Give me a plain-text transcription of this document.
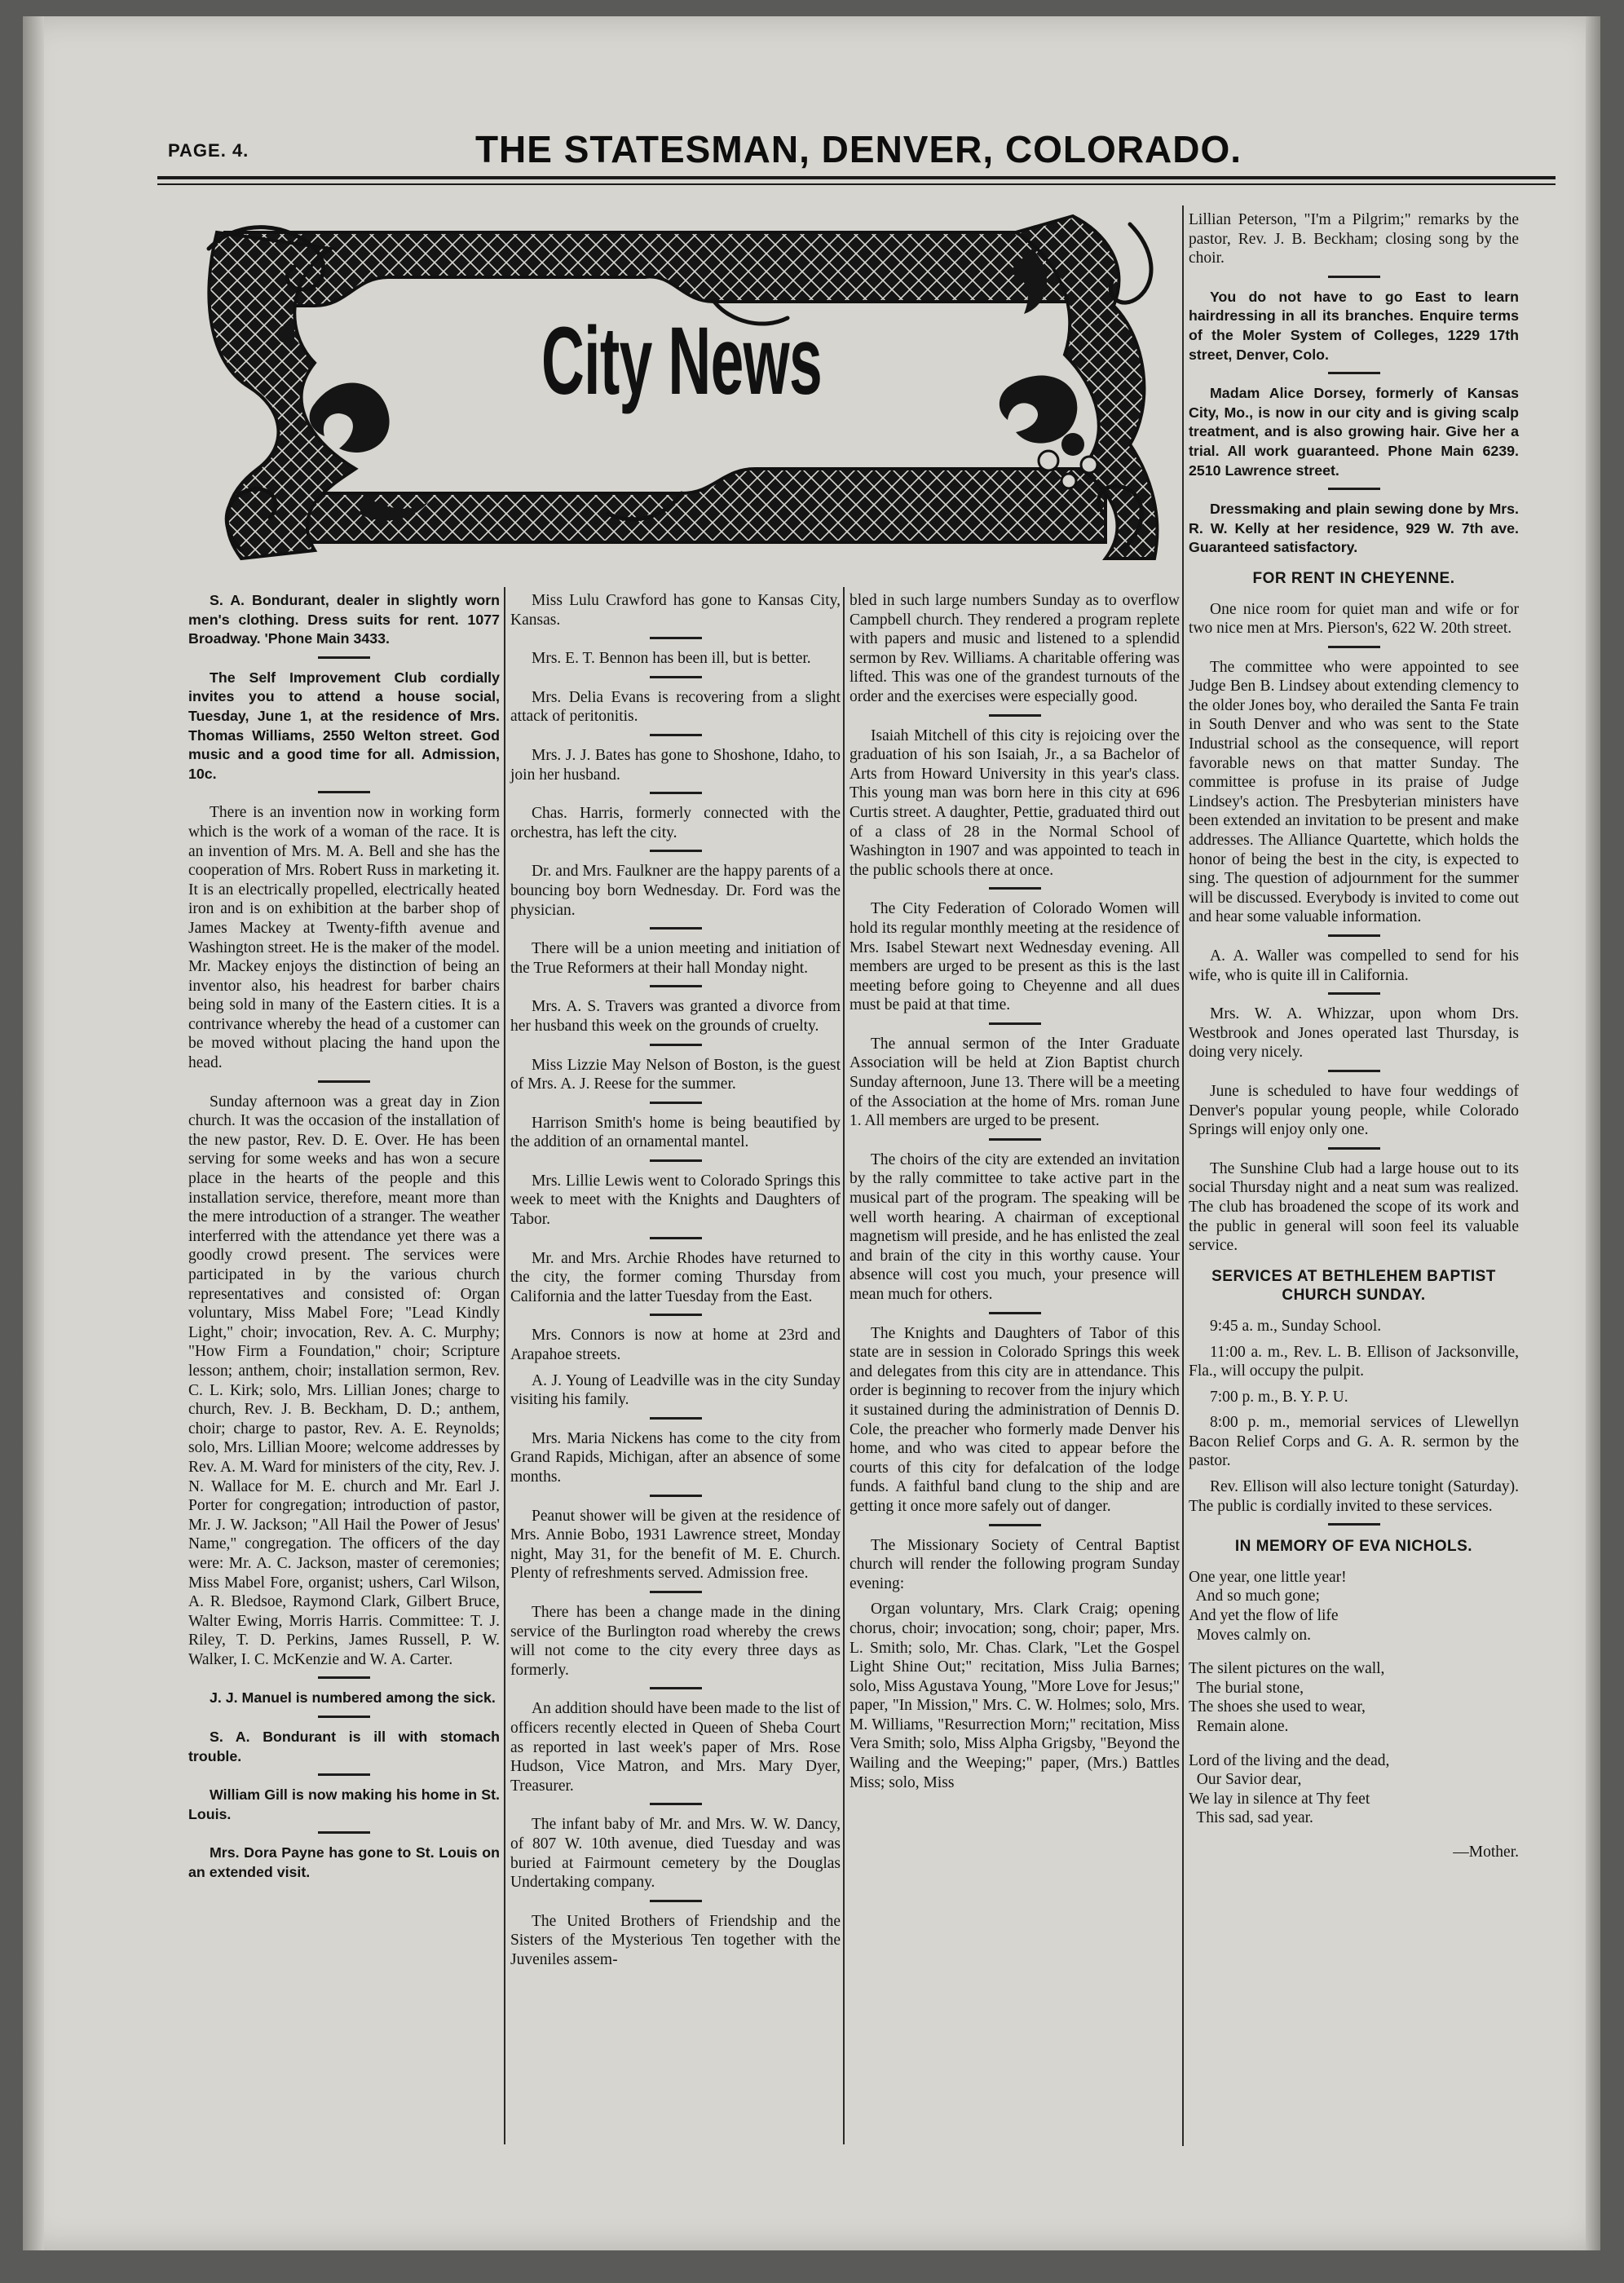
PAGE. 4.	THE STATESMAN, DENVER, COLORADO.
City News

S. A. Bondurant, dealer in slightly worn men's clothing. Dress suits for rent. 1077 Broadway. 'Phone Main 3433.

The Self Improvement Club cordially invites you to attend a house social, Tuesday, June 1, at the residence of Mrs. Thomas Williams, 2550 Welton street. God music and a good time for all. Admission, 10c.

There is an invention now in working form which is the work of a woman of the race. It is an invention of Mrs. M. A. Bell and she has the cooperation of Mrs. Robert Russ in marketing it. It is an electrically propelled, electrically heated iron and is on exhibition at the barber shop of James Mackey at Twenty-fifth avenue and Washington street. He is the maker of the model. Mr. Mackey enjoys the distinction of being an inventor also, his headrest for barber chairs being sold in many of the Eastern cities. It is a contrivance whereby the head of a customer can be moved without placing the hand upon the head.

Sunday afternoon was a great day in Zion church. It was the occasion of the installation of the new pastor, Rev. D. E. Over. He has been serving for some weeks and has won a secure place in the hearts of the people and this installation service, therefore, meant more than the mere introduction of a stranger. The weather interferred with the attendance yet there was a goodly crowd present. The services were participated in by the various church representatives and consisted of: Organ voluntary, Miss Mabel Fore; "Lead Kindly Light," choir; invocation, Rev. A. C. Murphy; "How Firm a Foundation," choir; Scripture lesson; anthem, choir; installation sermon, Rev. C. L. Kirk; solo, Mrs. Lillian Jones; charge to church, Rev. J. B. Beckham, D. D.; anthem, choir; charge to pastor, Rev. A. E. Reynolds; solo, Mrs. Lillian Moore; welcome addresses by Rev. A. M. Ward for ministers of the city, Rev. J. N. Wallace for M. E. church and Mr. Earl J. Porter for congregation; introduction of pastor, Mr. J. W. Jackson; "All Hail the Power of Jesus' Name," congregation. The officers of the day were: Mr. A. C. Jackson, master of ceremonies; Miss Mabel Fore, organist; ushers, Carl Wilson, A. R. Bledsoe, Raymond Clark, Gilbert Bruce, Walter Ewing, Morris Harris. Committee: T. J. Riley, T. D. Perkins, James Russell, P. W. Walker, I. C. McKenzie and W. A. Carter.

J. J. Manuel is numbered among the sick.

S. A. Bondurant is ill with stomach trouble.

William Gill is now making his home in St. Louis.

Mrs. Dora Payne has gone to St. Louis on an extended visit.

Miss Lulu Crawford has gone to Kansas City, Kansas.

Mrs. E. T. Bennon has been ill, but is better.

Mrs. Delia Evans is recovering from a slight attack of peritonitis.

Mrs. J. J. Bates has gone to Shoshone, Idaho, to join her husband.

Chas. Harris, formerly connected with the orchestra, has left the city.

Dr. and Mrs. Faulkner are the happy parents of a bouncing boy born Wednesday. Dr. Ford was the physician.

There will be a union meeting and initiation of the True Reformers at their hall Monday night.

Mrs. A. S. Travers was granted a divorce from her husband this week on the grounds of cruelty.

Miss Lizzie May Nelson of Boston, is the guest of Mrs. A. J. Reese for the summer.

Harrison Smith's home is being beautified by the addition of an ornamental mantel.

Mrs. Lillie Lewis went to Colorado Springs this week to meet with the Knights and Daughters of Tabor.

Mr. and Mrs. Archie Rhodes have returned to the city, the former coming Thursday from California and the latter Tuesday from the East.

Mrs. Connors is now at home at 23rd and Arapahoe streets.

A. J. Young of Leadville was in the city Sunday visiting his family.

Mrs. Maria Nickens has come to the city from Grand Rapids, Michigan, after an absence of some months.

Peanut shower will be given at the residence of Mrs. Annie Bobo, 1931 Lawrence street, Monday night, May 31, for the benefit of M. E. Church. Plenty of refreshments served. Admission free.

There has been a change made in the dining service of the Burlington road whereby the crews will not come to the city every three days as formerly.

An addition should have been made to the list of officers recently elected in Queen of Sheba Court as reported in last week's paper of Mrs. Rose Hudson, Vice Matron, and Mrs. Mary Dyer, Treasurer.

The infant baby of Mr. and Mrs. W. W. Dancy, of 807 W. 10th avenue, died Tuesday and was buried at Fairmount cemetery by the Douglas Undertaking company.

The United Brothers of Friendship and the Sisters of the Mysterious Ten together with the Juveniles assem-

bled in such large numbers Sunday as to overflow Campbell church. They rendered a program replete with papers and music and listened to a splendid sermon by Rev. Williams. A charitable offering was lifted. This was one of the grandest turnouts of the order and the exercises were especially good.

Isaiah Mitchell of this city is rejoicing over the graduation of his son Isaiah, Jr., a sa Bachelor of Arts from Howard University in this year's class. This young man was born here in this city at 696 Curtis street. A daughter, Pettie, graduated third out of a class of 28 in the Normal School of Washington in 1907 and was appointed to teach in the public schools there at once.

The City Federation of Colorado Women will hold its regular monthly meeting at the residence of Mrs. Isabel Stewart next Wednesday evening. All members are urged to be present as this is the last meeting before going to Cheyenne and all dues must be paid at that time.

The annual sermon of the Inter Graduate Association will be held at Zion Baptist church Sunday afternoon, June 13. There will be a meeting of the Association at the home of Mrs. roman June 1. All members are urged to be present.

The choirs of the city are extended an invitation by the rally committee to take active part in the musical part of the program. The speaking will be well worth hearing. A chairman of exceptional magnetism will preside, and he has enlisted the zeal and brain of the city in this worthy cause. Your absence will cost you much, your presence will mean much for others.

The Knights and Daughters of Tabor of this state are in session in Colorado Springs this week and delegates from this city are in attendance. This order is beginning to recover from the injury which it sustained during the administration of Dennis D. Cole, the preacher who formerly made Denver his home, and who was cited to appear before the courts of this city for defalcation of the lodge funds. A faithful band clung to the ship and are getting it once more safely out of danger.

The Missionary Society of Central Baptist church will render the following program Sunday evening:

Organ voluntary, Mrs. Clark Craig; opening chorus, choir; invocation; song, choir; paper, Mrs. L. Smith; solo, Mr. Chas. Clark, "Let the Gospel Light Shine Out;" recitation, Miss Julia Barnes; solo, Miss Agustava Young, "More Love for Jesus;" paper, "In Mission," Mrs. C. W. Holmes; solo, Mrs. M. Williams, "Resurrection Morn;" recitation, Miss Vera Smith; solo, Miss Alpha Grigsby, "Beyond the Wailing and the Weeping;" paper, (Mrs.) Battles Miss; solo, Miss

Lillian Peterson, "I'm a Pilgrim;" remarks by the pastor, Rev. J. B. Beckham; closing song by the choir.

You do not have to go East to learn hairdressing in all its branches. Enquire terms of the Moler System of Colleges, 1229 17th street, Denver, Colo.

Madam Alice Dorsey, formerly of Kansas City, Mo., is now in our city and is giving scalp treatment, and is also growing hair. Give her a trial. All work guaranteed. Phone Main 6239. 2510 Lawrence street.

Dressmaking and plain sewing done by Mrs. R. W. Kelly at her residence, 929 W. 7th ave. Guaranteed satisfactory.

FOR RENT IN CHEYENNE.

One nice room for quiet man and wife or for two nice men at Mrs. Pierson's, 622 W. 20th street.

The committee who were appointed to see Judge Ben B. Lindsey about extending clemency to the older Jones boy, who derailed the Santa Fe train in South Denver and who was sent to the State Industrial school as the consequence, will report favorable news on that matter Sunday. The committee is profuse in its praise of Judge Lindsey's action. The Presbyterian ministers have been extended an invitation to be present and make addresses. The Alliance Quartette, which holds the honor of being the best in the city, is expected to sing. The question of adjournment for the summer will be discussed. Everybody is invited to come out and hear some valuable information.

A. A. Waller was compelled to send for his wife, who is quite ill in California.

Mrs. W. A. Whizzar, upon whom Drs. Westbrook and Jones operated last Thursday, is doing very nicely.

June is scheduled to have four weddings of Denver's popular young people, while Colorado Springs will enjoy only one.

The Sunshine Club had a large house out to its social Thursday night and a neat sum was realized. The club has broadened the scope of its work and the public in general will soon feel its valuable service.

SERVICES AT BETHLEHEM BAPTIST CHURCH SUNDAY.

9:45 a. m., Sunday School.

11:00 a. m., Rev. L. B. Ellison of Jacksonville, Fla., will occupy the pulpit.

7:00 p. m., B. Y. P. U.

8:00 p. m., memorial services of Llewellyn Bacon Relief Corps and G. A. R. sermon by the pastor.

Rev. Ellison will also lecture tonight (Saturday). The public is cordially invited to these services.

IN MEMORY OF EVA NICHOLS.
One year, one little year!
And so much gone;
And yet the flow of life
Moves calmly on.
The silent pictures on the wall,
The burial stone,
The shoes she used to wear,
Remain alone.
Lord of the living and the dead,
Our Savior dear,
We lay in silence at Thy feet
This sad, sad year.

—Mother.
